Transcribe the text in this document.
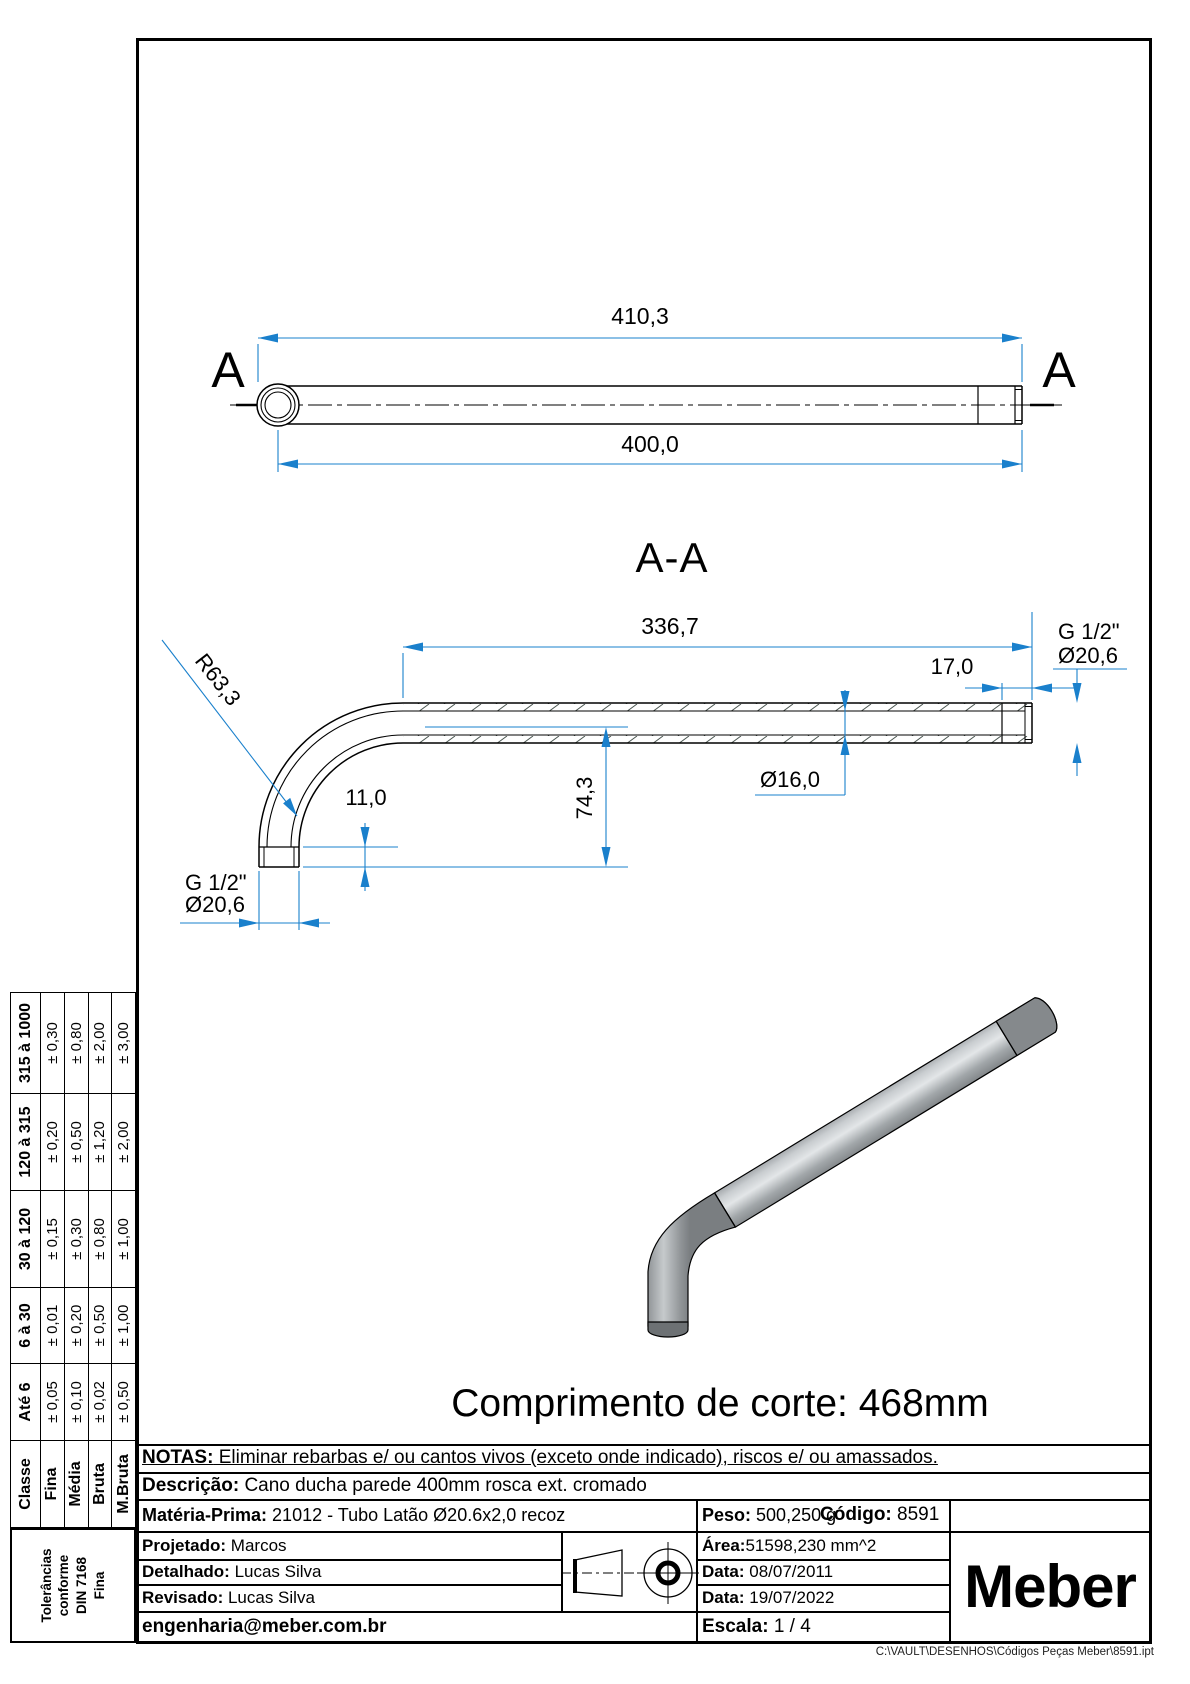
A	A
410,3
400,0
A-A
336,7
17,0
G 1/2"
Ø20,6
R63,3
74,3
11,0
Ø16,0
G 1/2"
Ø20,6
Comprimento de corte: 468mm
Tolerâncias conforme DIN 7168 Fina
Classe	Até 6	6 à 30	30 à 120	120 à 315	315 à 1000
Fina	± 0,05	± 0,01	± 0,15	± 0,20	± 0,30
Média	± 0,10	± 0,20	± 0,30	± 0,50	± 0,80
Bruta	± 0,02	± 0,50	± 0,80	± 1,20	± 2,00
M.Bruta	± 0,50	± 1,00	± 1,00	± 2,00	± 3,00
NOTAS: Eliminar rebarbas e/ ou cantos vivos (exceto onde indicado), riscos e/ ou amassados.
Descrição: Cano ducha parede 400mm rosca ext. cromado
Matéria-Prima: 21012 - Tubo Latão Ø20.6x2,0 recoz	Peso: 500,250 g
Código: 8591
Projetado: Marcos
Detalhado: Lucas Silva
Revisado: Lucas Silva
engenharia@meber.com.br
Área:51598,230 mm^2
Data: 08/07/2011
Data: 19/07/2022
Escala: 1 / 4
Meber
C:\VAULT\DESENHOS\Códigos Peças Meber\8591.ipt
